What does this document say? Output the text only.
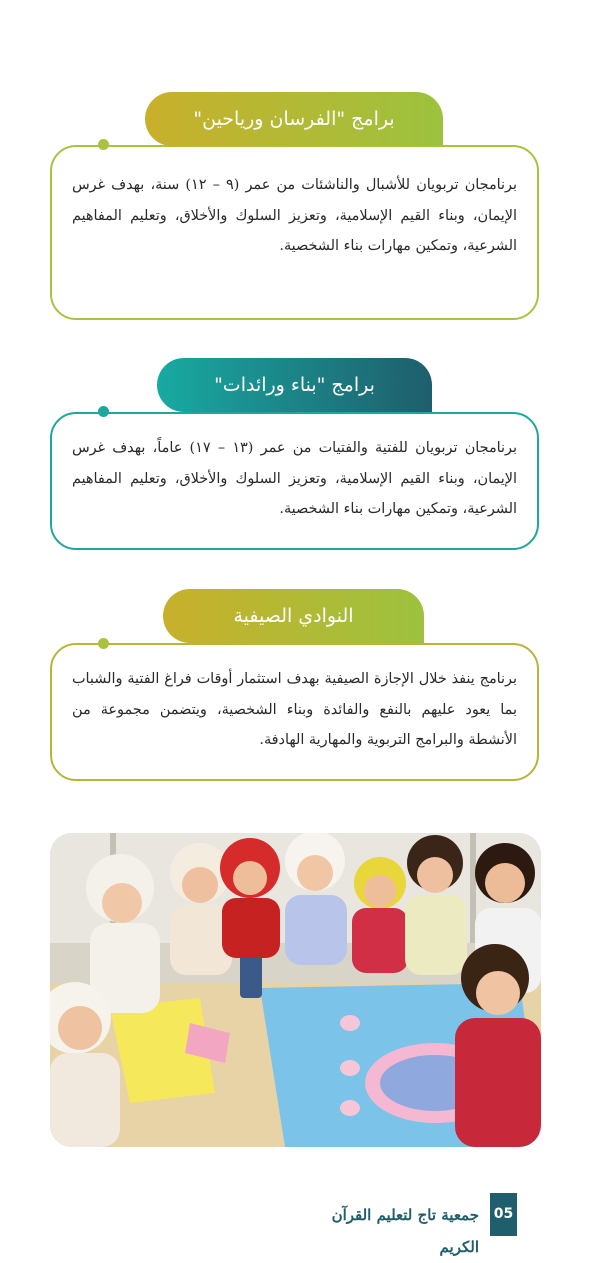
برامج "الفرسان ورياحين"
برنامجان تربويان للأشبال والناشئات من عمر (٩ – ١٢) سنة، بهدف غرس الإيمان، وبناء القيم الإسلامية، وتعزيز السلوك والأخلاق، وتعليم المفاهيم الشرعية، وتمكين مهارات بناء الشخصية.
برامج "بناء ورائدات"
برنامجان تربويان للفتية والفتيات من عمر (١٣ – ١٧) عاماً، بهدف غرس الإيمان، وبناء القيم الإسلامية، وتعزيز السلوك والأخلاق، وتعليم المفاهيم الشرعية، وتمكين مهارات بناء الشخصية.
النوادي الصيفية
برنامج ينفذ خلال الإجازة الصيفية بهدف استثمار أوقات فراغ الفتية والشباب بما يعود عليهم بالنفع والفائدة وبناء الشخصية، ويتضمن مجموعة من الأنشطة والبرامج التربوية والمهارية الهادفة.
جمعية تاج لتعليم القرآن الكريم
05
